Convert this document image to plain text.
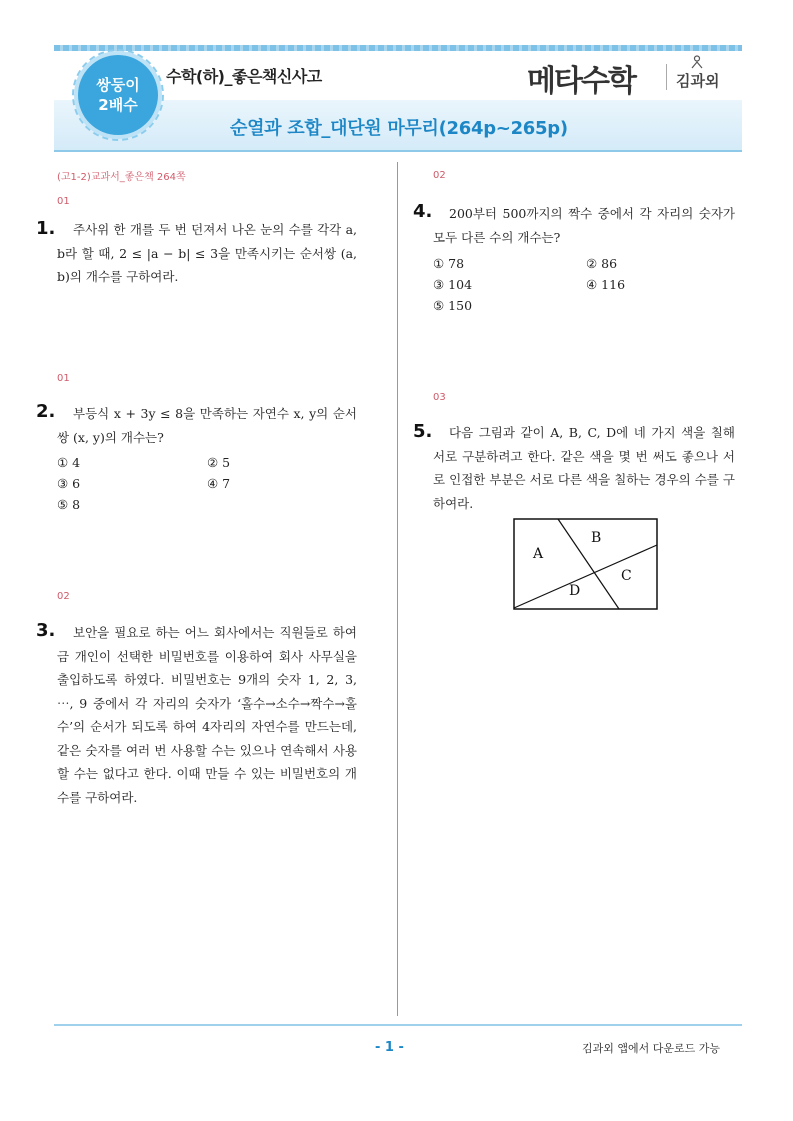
쌍둥이
2배수
수학(하)_좋은책신사고	메타수학	김과외
순열과 조합_대단원 마무리(264p~265p)
(고1-2)교과서_좋은책 264쪽
01
1.	주사위 한 개를 두 번 던져서 나온 눈의 수를 각각 a, b라 할 때, 2 ≤ |a − b| ≤ 3을 만족시키는 순서쌍 (a, b)의 개수를 구하여라.
01
2.	부등식 x + 3y ≤ 8을 만족하는 자연수 x, y의 순서쌍 (x, y)의 개수는?
① 4	② 5
③ 6	④ 7
⑤ 8
02
3.	보안을 필요로 하는 어느 회사에서는 직원들로 하여금 개인이 선택한 비밀번호를 이용하여 회사 사무실을 출입하도록 하였다. 비밀번호는 9개의 숫자 1, 2, 3, ⋯, 9 중에서 각 자리의 숫자가 ‘홀수→소수→짝수→홀수’의 순서가 되도록 하여 4자리의 자연수를 만드는데, 같은 숫자를 여러 번 사용할 수는 있으나 연속해서 사용할 수는 없다고 한다. 이때 만들 수 있는 비밀번호의 개수를 구하여라.
02
4.	200부터 500까지의 짝수 중에서 각 자리의 숫자가 모두 다른 수의 개수는?
① 78	② 86
③ 104	④ 116
⑤ 150
03
5.	다음 그림과 같이 A, B, C, D에 네 가지 색을 칠해 서로 구분하려고 한다. 같은 색을 몇 번 써도 좋으나 서로 인접한 부분은 서로 다른 색을 칠하는 경우의 수를 구하여라.
A
B
C
D
- 1 -	김과외 앱에서 다운로드 가능
